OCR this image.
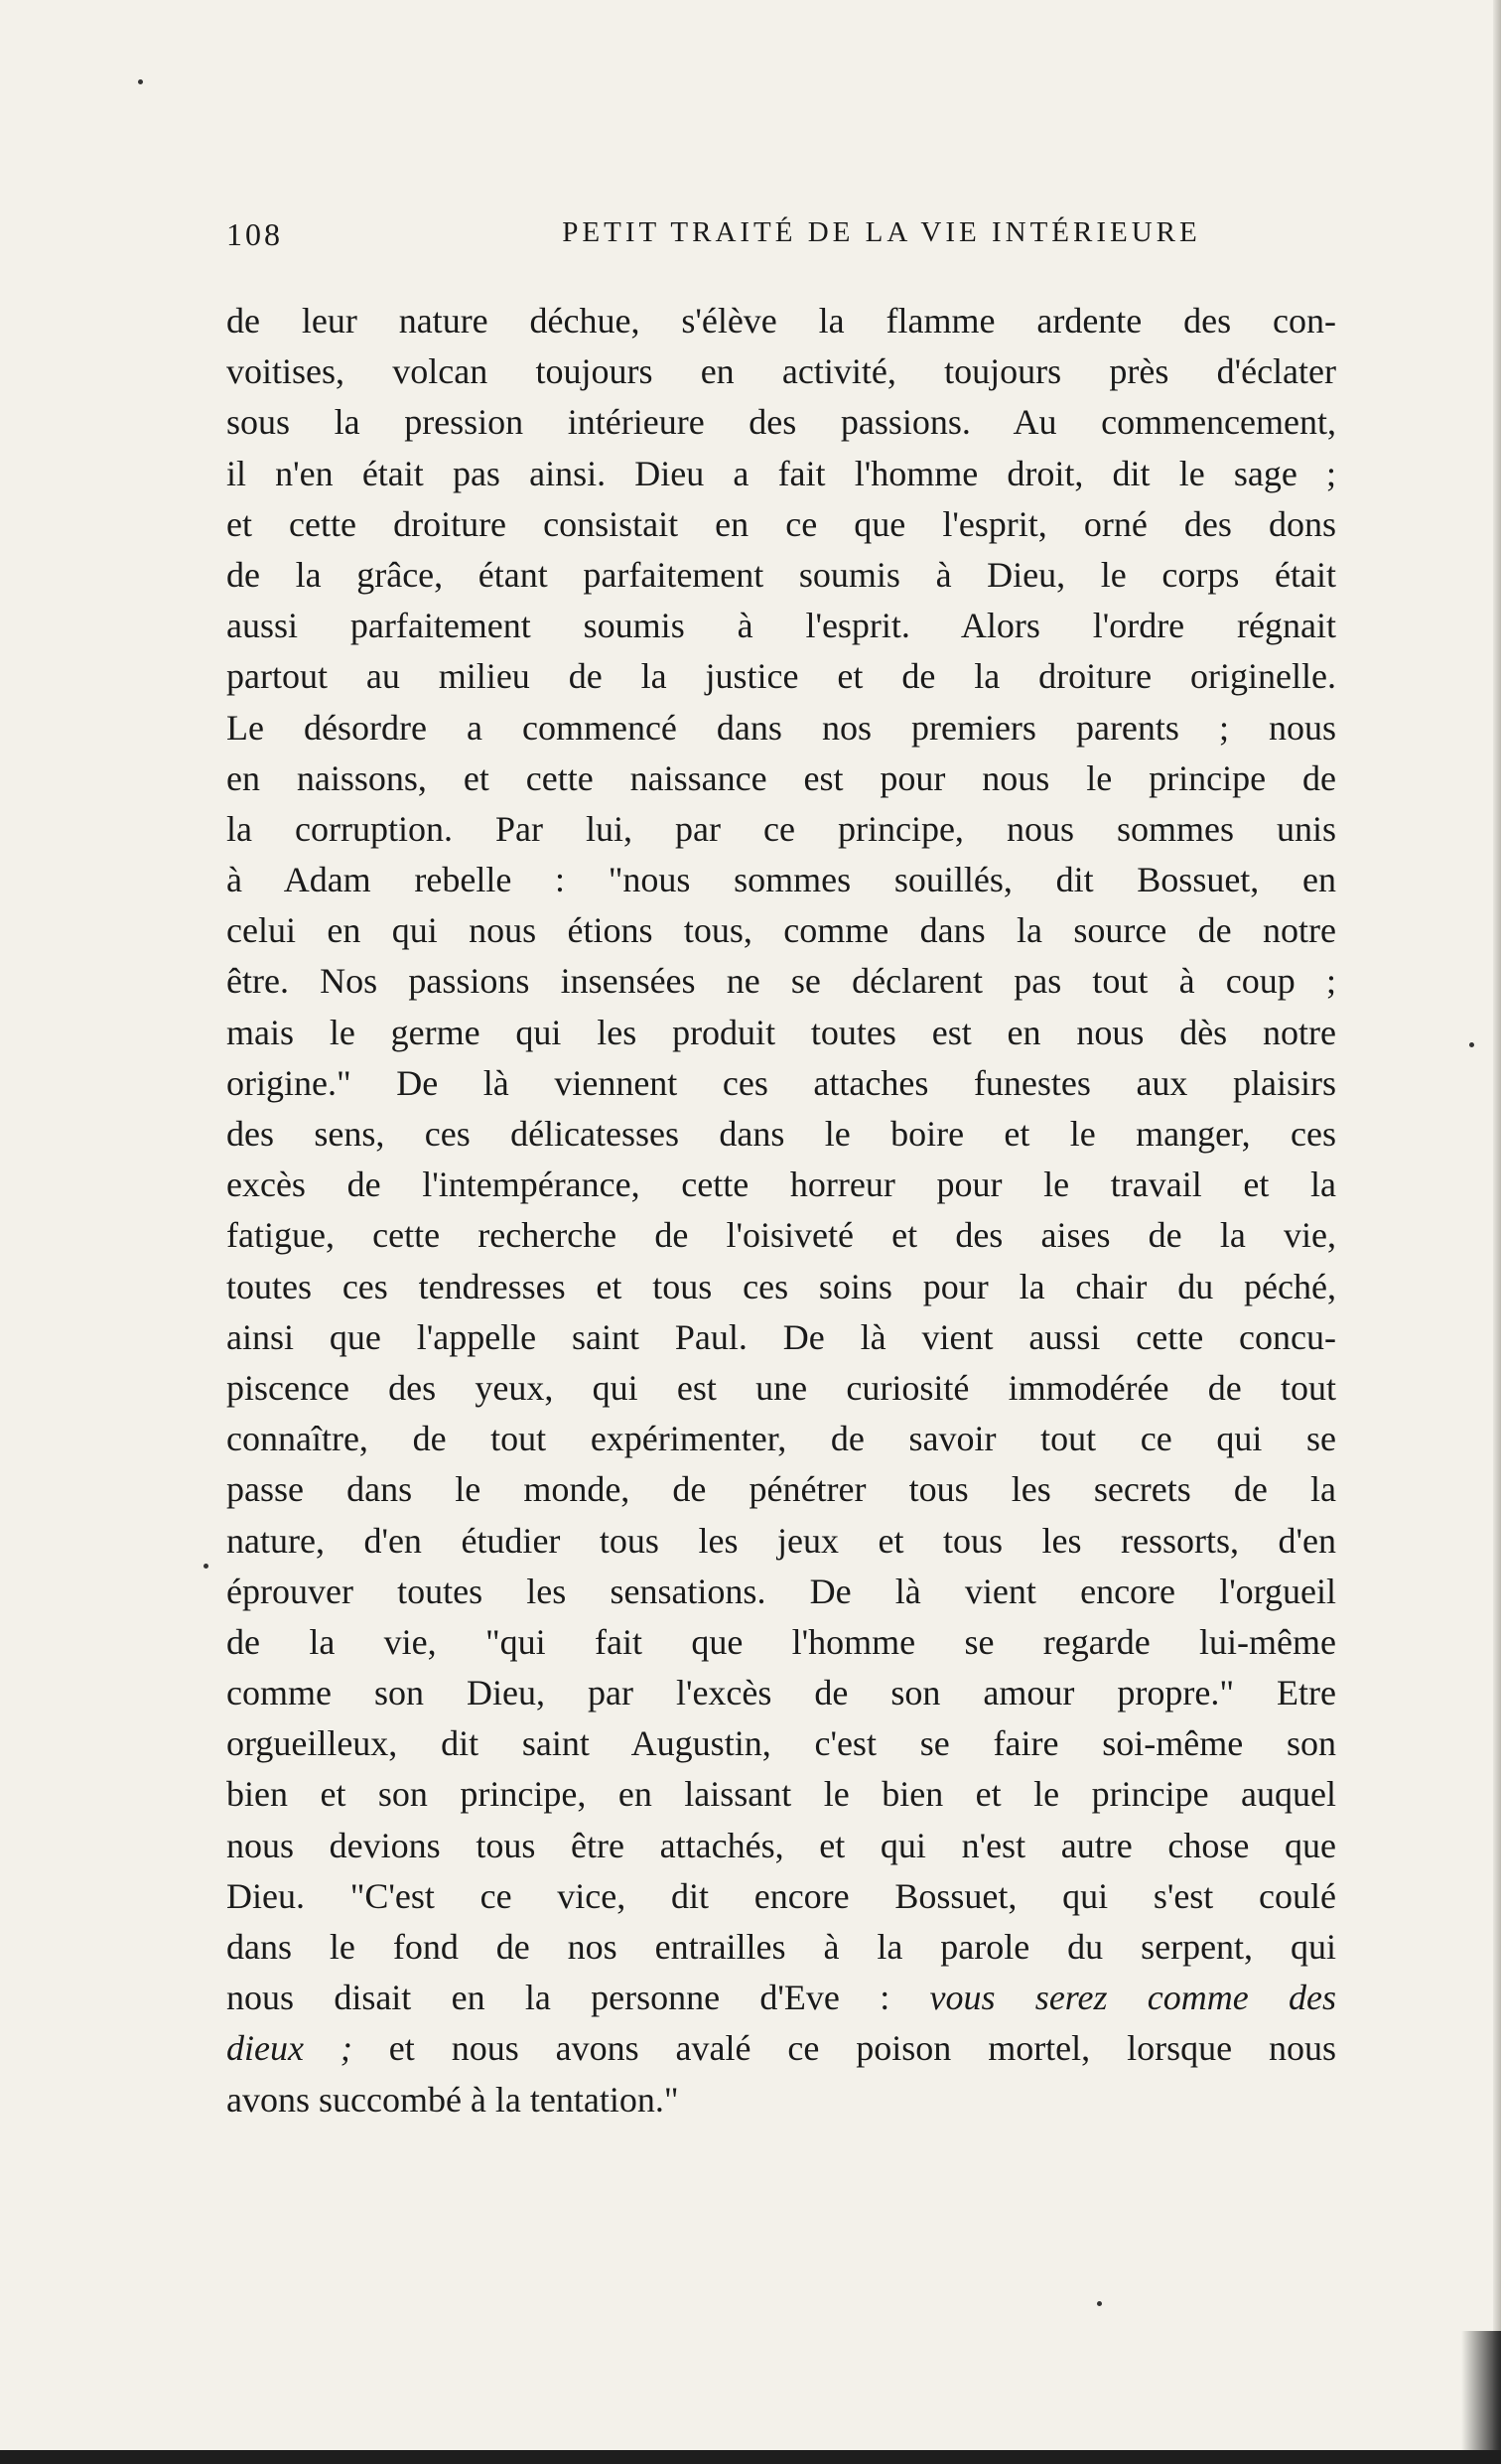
108	PETIT TRAITÉ DE LA VIE INTÉRIEURE
de leur nature déchue, s'élève la flamme ardente des con-
voitises, volcan toujours en activité, toujours près d'éclater
sous la pression intérieure des passions. Au commencement,
il n'en était pas ainsi. Dieu a fait l'homme droit, dit le sage ;
et cette droiture consistait en ce que l'esprit, orné des dons
de la grâce, étant parfaitement soumis à Dieu, le corps était
aussi parfaitement soumis à l'esprit. Alors l'ordre régnait
partout au milieu de la justice et de la droiture originelle.
Le désordre a commencé dans nos premiers parents ; nous
en naissons, et cette naissance est pour nous le principe de
la corruption. Par lui, par ce principe, nous sommes unis
à Adam rebelle : "nous sommes souillés, dit Bossuet, en
celui en qui nous étions tous, comme dans la source de notre
être. Nos passions insensées ne se déclarent pas tout à coup ;
mais le germe qui les produit toutes est en nous dès notre
origine." De là viennent ces attaches funestes aux plaisirs
des sens, ces délicatesses dans le boire et le manger, ces
excès de l'intempérance, cette horreur pour le travail et la
fatigue, cette recherche de l'oisiveté et des aises de la vie,
toutes ces tendresses et tous ces soins pour la chair du péché,
ainsi que l'appelle saint Paul. De là vient aussi cette concu-
piscence des yeux, qui est une curiosité immodérée de tout
connaître, de tout expérimenter, de savoir tout ce qui se
passe dans le monde, de pénétrer tous les secrets de la
nature, d'en étudier tous les jeux et tous les ressorts, d'en
éprouver toutes les sensations. De là vient encore l'orgueil
de la vie, "qui fait que l'homme se regarde lui-même
comme son Dieu, par l'excès de son amour propre." Etre
orgueilleux, dit saint Augustin, c'est se faire soi-même son
bien et son principe, en laissant le bien et le principe auquel
nous devions tous être attachés, et qui n'est autre chose que
Dieu. "C'est ce vice, dit encore Bossuet, qui s'est coulé
dans le fond de nos entrailles à la parole du serpent, qui
nous disait en la personne d'Eve : vous serez comme des
dieux ; et nous avons avalé ce poison mortel, lorsque nous
avons succombé à la tentation."
